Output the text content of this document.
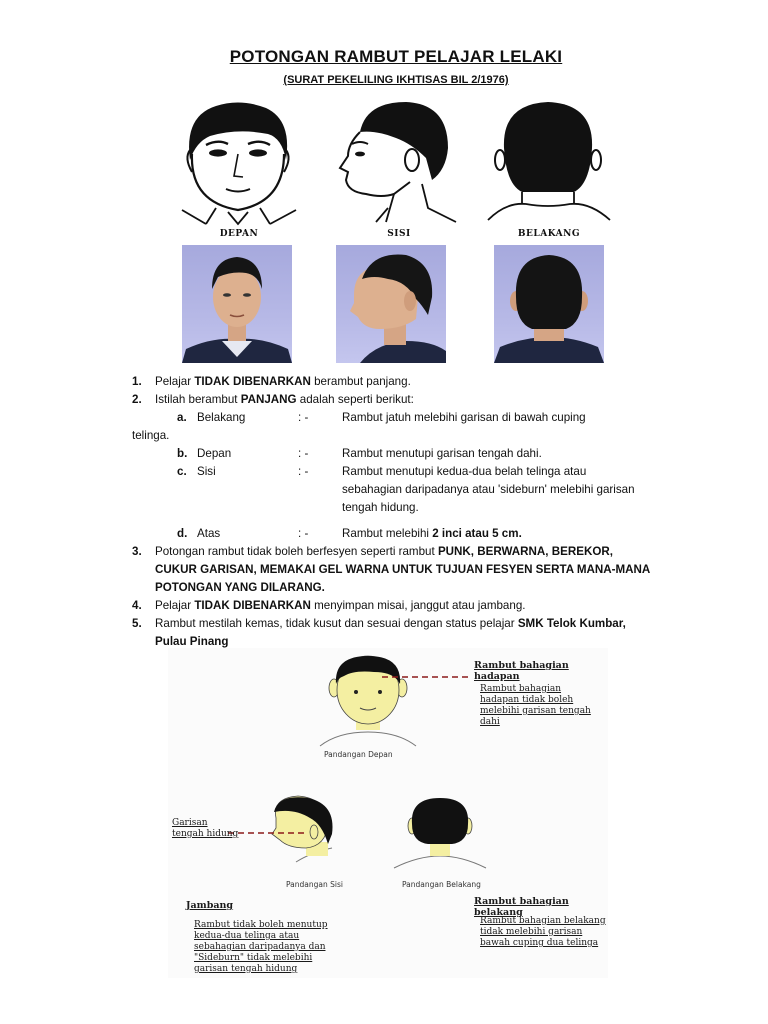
POTONGAN RAMBUT PELAJAR LELAKI
(SURAT PEKELILING IKHTISAS BIL 2/1976)
DEPAN	SISI	BELAKANG
1. Pelajar TIDAK DIBENARKAN berambut panjang.
2. Istilah berambut PANJANG adalah seperti berikut:
a. Belakang	: -	Rambut jatuh melebihi garisan di bawah cuping
telinga.
b. Depan	: -	Rambut menutupi garisan tengah dahi.
c. Sisi	: -	Rambut menutupi kedua-dua belah telinga atau sebahagian daripadanya atau 'sideburn' melebihi garisan tengah hidung.
d. Atas	: -	Rambut melebihi 2 inci atau 5 cm.
3. Potongan rambut tidak boleh berfesyen seperti rambut PUNK, BERWARNA, BEREKOR, CUKUR GARISAN, MEMAKAI GEL WARNA UNTUK TUJUAN FESYEN SERTA MANA-MANA POTONGAN YANG DILARANG.
4. Pelajar TIDAK DIBENARKAN menyimpan misai, janggut atau jambang.
5. Rambut mestilah kemas, tidak kusut dan sesuai dengan status pelajar SMK Telok Kumbar, Pulau Pinang
Rambut bahagian hadapan
Rambut bahagian hadapan tidak boleh melebihi garisan tengah dahi
Pandangan Depan
Garisan tengah hidung
Pandangan Sisi	Pandangan Belakang
Jambang
Rambut tidak boleh menutup kedua-dua telinga atau sebahagian daripadanya dan "Sideburn" tidak melebihi garisan tengah hidung
Rambut bahagian belakang
Rambut bahagian belakang tidak melebihi garisan bawah cuping dua telinga
